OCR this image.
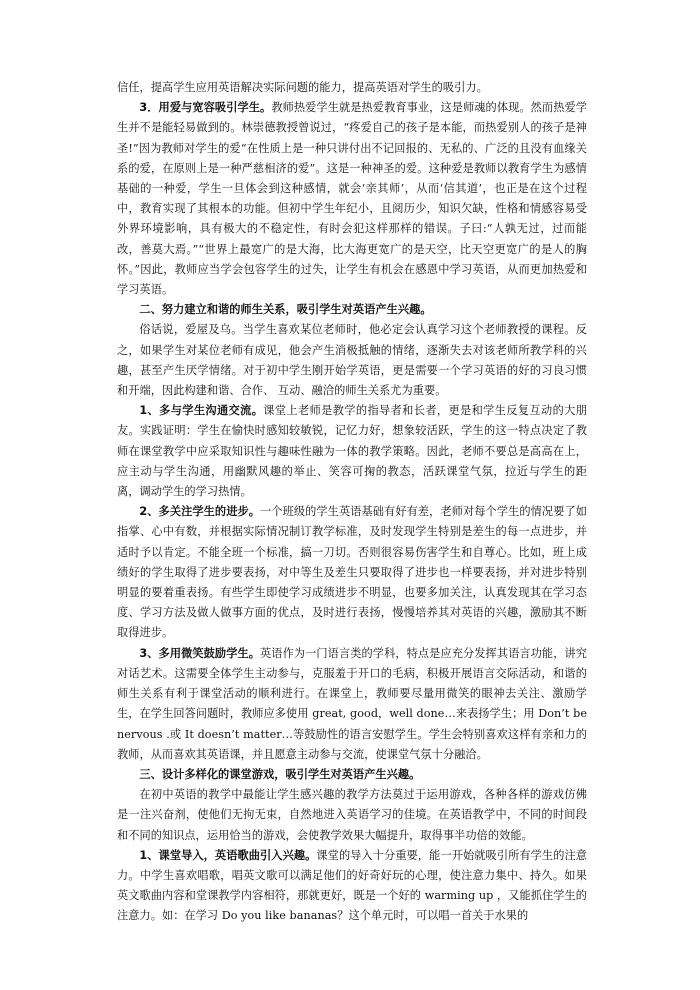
信任，提高学生应用英语解决实际问题的能力，提高英语对学生的吸引力。

3．用爱与宽容吸引学生。教师热爱学生就是热爱教育事业，这是师魂的体现。然而热爱学生并不是能轻易做到的。林崇德教授曾说过，“疼爱自己的孩子是本能，而热爱别人的孩子是神圣!”因为教师对学生的爱“在性质上是一种只讲付出不记回报的、无私的、广泛的且没有血缘关系的爱，在原则上是一种严慈相济的爱”。这是一种神圣的爱。这种爱是教师以教育学生为感情基础的一种爱，学生一旦体会到这种感情，就会‘亲其师’，从而‘信其道’，也正是在这个过程中，教育实现了其根本的功能。但初中学生年纪小，且阅历少，知识欠缺，性格和情感容易受外界环境影响，具有极大的不稳定性，有时会犯这样那样的错误。子曰:“人孰无过，过而能改，善莫大焉。”“世界上最宽广的是大海，比大海更宽广的是天空，比天空更宽广的是人的胸怀。”因此，教师应当学会包容学生的过失，让学生有机会在感恩中学习英语，从而更加热爱和学习英语。

二、努力建立和谐的师生关系，吸引学生对英语产生兴趣。

俗话说，爱屋及乌。当学生喜欢某位老师时，他必定会认真学习这个老师教授的课程。反之，如果学生对某位老师有成见，他会产生消极抵触的情绪，逐渐失去对该老师所教学科的兴趣，甚至产生厌学情绪。对于初中学生刚开始学英语，更是需要一个学习英语的好的习良习惯和开端，因此构建和谐、合作、 互动、融洽的师生关系尤为重要。

1、多与学生沟通交流。课堂上老师是教学的指导者和长者，更是和学生反复互动的大朋友。实践证明：学生在愉快时感知较敏锐，记忆力好，想象较活跃，学生的这一特点决定了教师在课堂教学中应采取知识性与趣味性融为一体的教学策略。因此，老师不要总是高高在上，应主动与学生沟通，用幽默风趣的举止、笑容可掬的教态，活跃课堂气氛，拉近与学生的距离，调动学生的学习热情。

2、多关注学生的进步。一个班级的学生英语基础有好有差，老师对每个学生的情况要了如指掌、心中有数，并根据实际情况制订教学标准，及时发现学生特别是差生的每一点进步，并适时予以肯定。不能全班一个标准，搞一刀切。否则很容易伤害学生和自尊心。比如，班上成绩好的学生取得了进步要表扬，对中等生及差生只要取得了进步也一样要表扬，并对进步特别明显的要着重表扬。有些学生即使学习成绩进步不明显，也要多加关注，认真发现其在学习态度、学习方法及做人做事方面的优点，及时进行表扬，慢慢培养其对英语的兴趣，激励其不断取得进步。

3、多用微笑鼓励学生。英语作为一门语言类的学科，特点是应充分发挥其语言功能，讲究对话艺术。这需要全体学生主动参与，克服羞于开口的毛病，积极开展语言交际活动，和谐的师生关系有利于课堂活动的顺利进行。在课堂上，教师要尽量用微笑的眼神去关注、激励学生，在学生回答问题时，教师应多使用 great, good，well done…来表扬学生；用 Don’t be nervous .或 It doesn’t matter…等鼓励性的语言安慰学生。学生会特别喜欢这样有亲和力的教师，从而喜欢其英语课，并且愿意主动参与交流，使课堂气氛十分融洽。

三、设计多样化的课堂游戏，吸引学生对英语产生兴趣。

在初中英语的教学中最能让学生感兴趣的教学方法莫过于运用游戏，各种各样的游戏仿佛是一注兴奋剂，使他们无拘无束，自然地进入英语学习的佳境。在英语教学中，不同的时间段和不同的知识点，运用恰当的游戏，会使教学效果大幅提升，取得事半功倍的效能。

1、课堂导入，英语歌曲引入兴趣。课堂的导入十分重要，能一开始就吸引所有学生的注意力。中学生喜欢唱歌，唱英文歌可以满足他们的好奇好玩的心理，使注意力集中、持久。如果英文歌曲内容和堂课教学内容相符，那就更好，既是一个好的 warming up ，又能抓住学生的注意力。如：在学习 Do you like bananas？这个单元时，可以唱一首关于水果的
